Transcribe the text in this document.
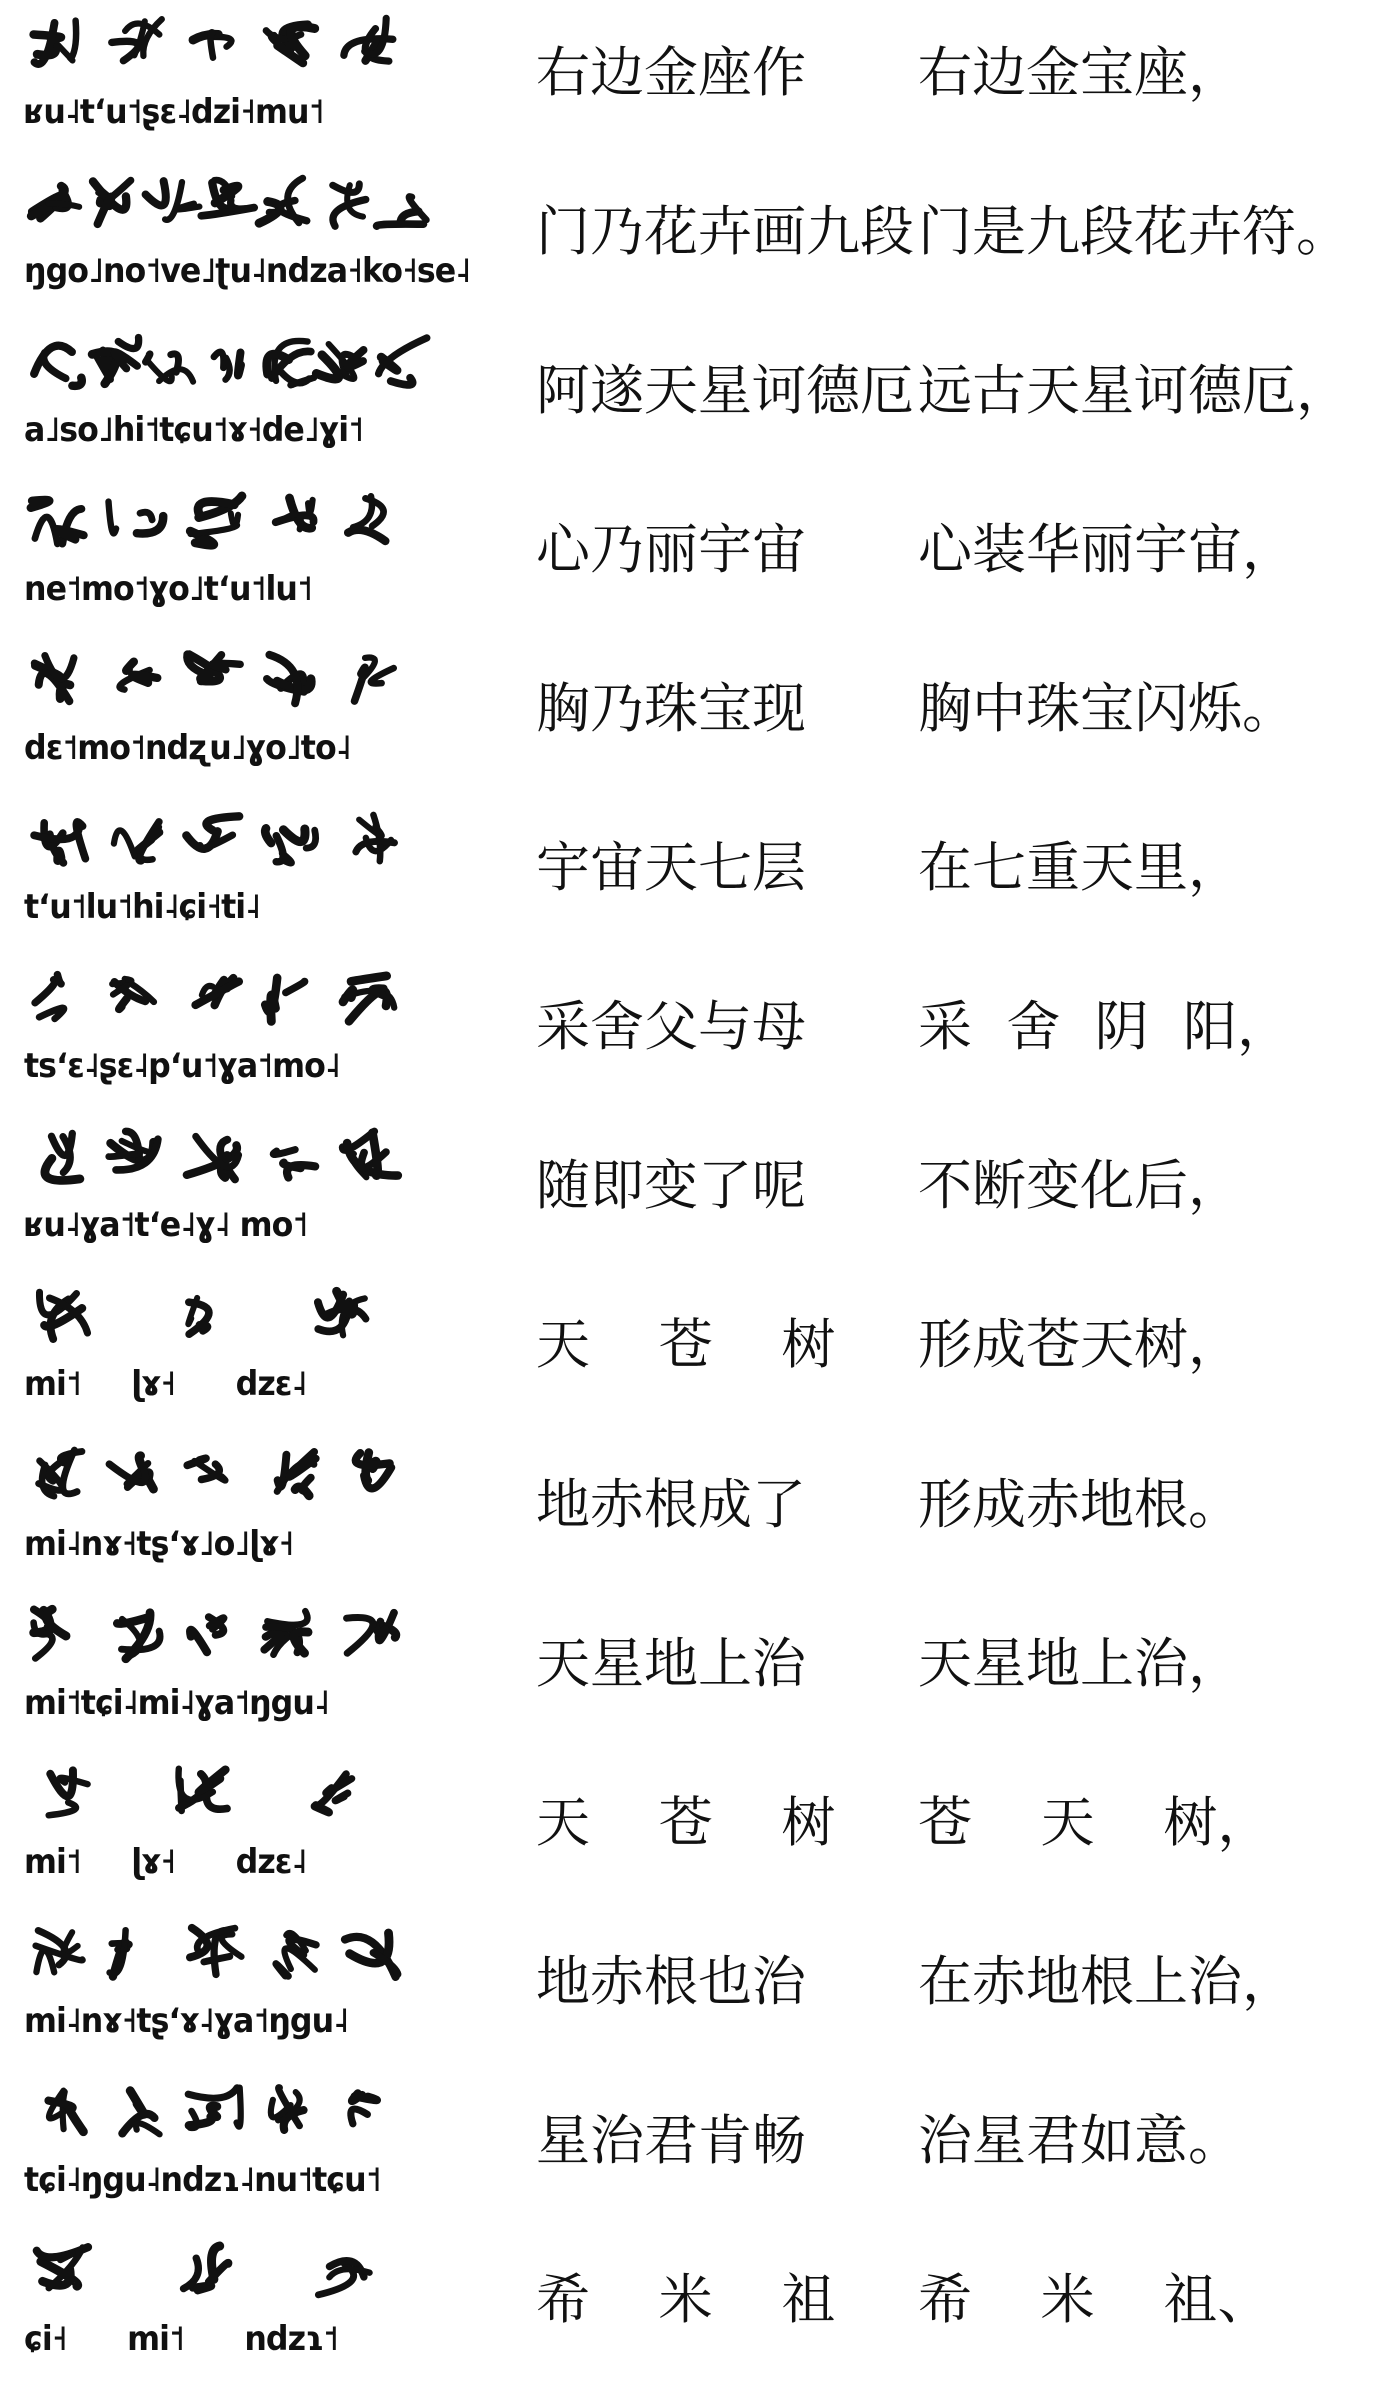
ʁu˨tʻu˦ʂɛ˨dzi˧mu˦
右边金座作	右边金宝座，
ŋgo˩no˦ve˩ʈu˨ndza˧ko˧se˨
门乃花卉画九段 门是九段花卉符。
a˩so˩hi˦tɕu˦ɤ˧de˩ɣi˦
阿遂天星诃德厄 远古天星诃德厄，
ne˦mo˦ɣo˩tʻu˦lu˦
心乃丽宇宙	心装华丽宇宙，
dɛ˦mo˦ndʐu˩ɣo˩to˨
胸乃珠宝现	胸中珠宝闪烁。
tʻu˦lu˦hi˨ɕi˧ti˨
宇宙天七层	在七重天里，
tsʻɛ˨ʂɛ˨pʻu˦ɣa˦mo˨
采舍父与母	采  舍  阴  阳，
ʁu˨ɣa˦tʻe˨ɣ˨ mo˦
随即变了呢	不断变化后，
mi˦     ɭɤ˧      dzɛ˨
天    苍    树	形成苍天树，
mi˨nɤ˧tʂʻɤ˩o˩ɭɤ˧
地赤根成了	形成赤地根。
mi˦tɕi˨mi˨ɣa˦ŋgu˨
天星地上治	天星地上治，
mi˦     ɭɤ˧      dzɛ˨
天    苍    树	苍    天    树，
mi˨nɤ˧tʂʻɤ˨ɣa˦ŋgu˨
地赤根也治	在赤地根上治，
tɕi˨ŋgu˨ndzɿ˨nu˦tɕu˦
星治君肯畅	治星君如意。
ɕi˧      mi˦      ndzɿ˦
希    米    祖	希    米    祖、
